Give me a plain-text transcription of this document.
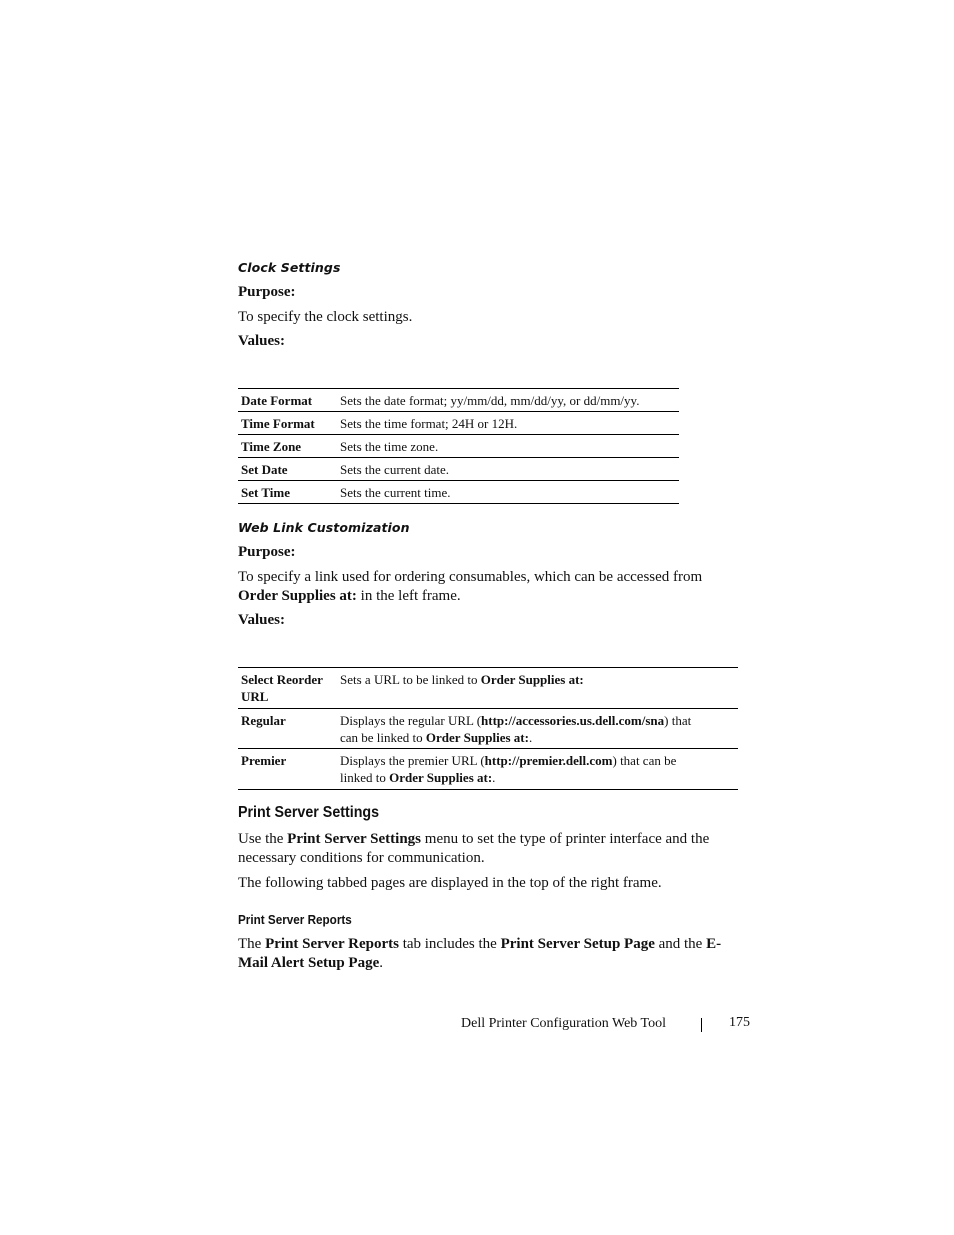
Clock Settings
Purpose:
To specify the clock settings.
Values:
Date Format	Sets the date format; yy/mm/dd, mm/dd/yy, or dd/mm/yy.
Time Format	Sets the time format; 24H or 12H.
Time Zone	Sets the time zone.
Set Date	Sets the current date.
Set Time	Sets the current time.
Web Link Customization
Purpose:
To specify a link used for ordering consumables, which can be accessed from
Order Supplies at: in the left frame.
Values:
Select Reorder
URL	Sets a URL to be linked to Order Supplies at:
Regular	Displays the regular URL (http://accessories.us.dell.com/sna) that
can be linked to Order Supplies at:.

Premier	Displays the premier URL (http://premier.dell.com) that can be
linked to Order Supplies at:.
Print Server Settings
Use the Print Server Settings menu to set the type of printer interface and the
necessary conditions for communication.
The following tabbed pages are displayed in the top of the right frame.
Print Server Reports
The Print Server Reports tab includes the Print Server Setup Page and the E-
Mail Alert Setup Page.
Dell Printer Configuration Web Tool	175
